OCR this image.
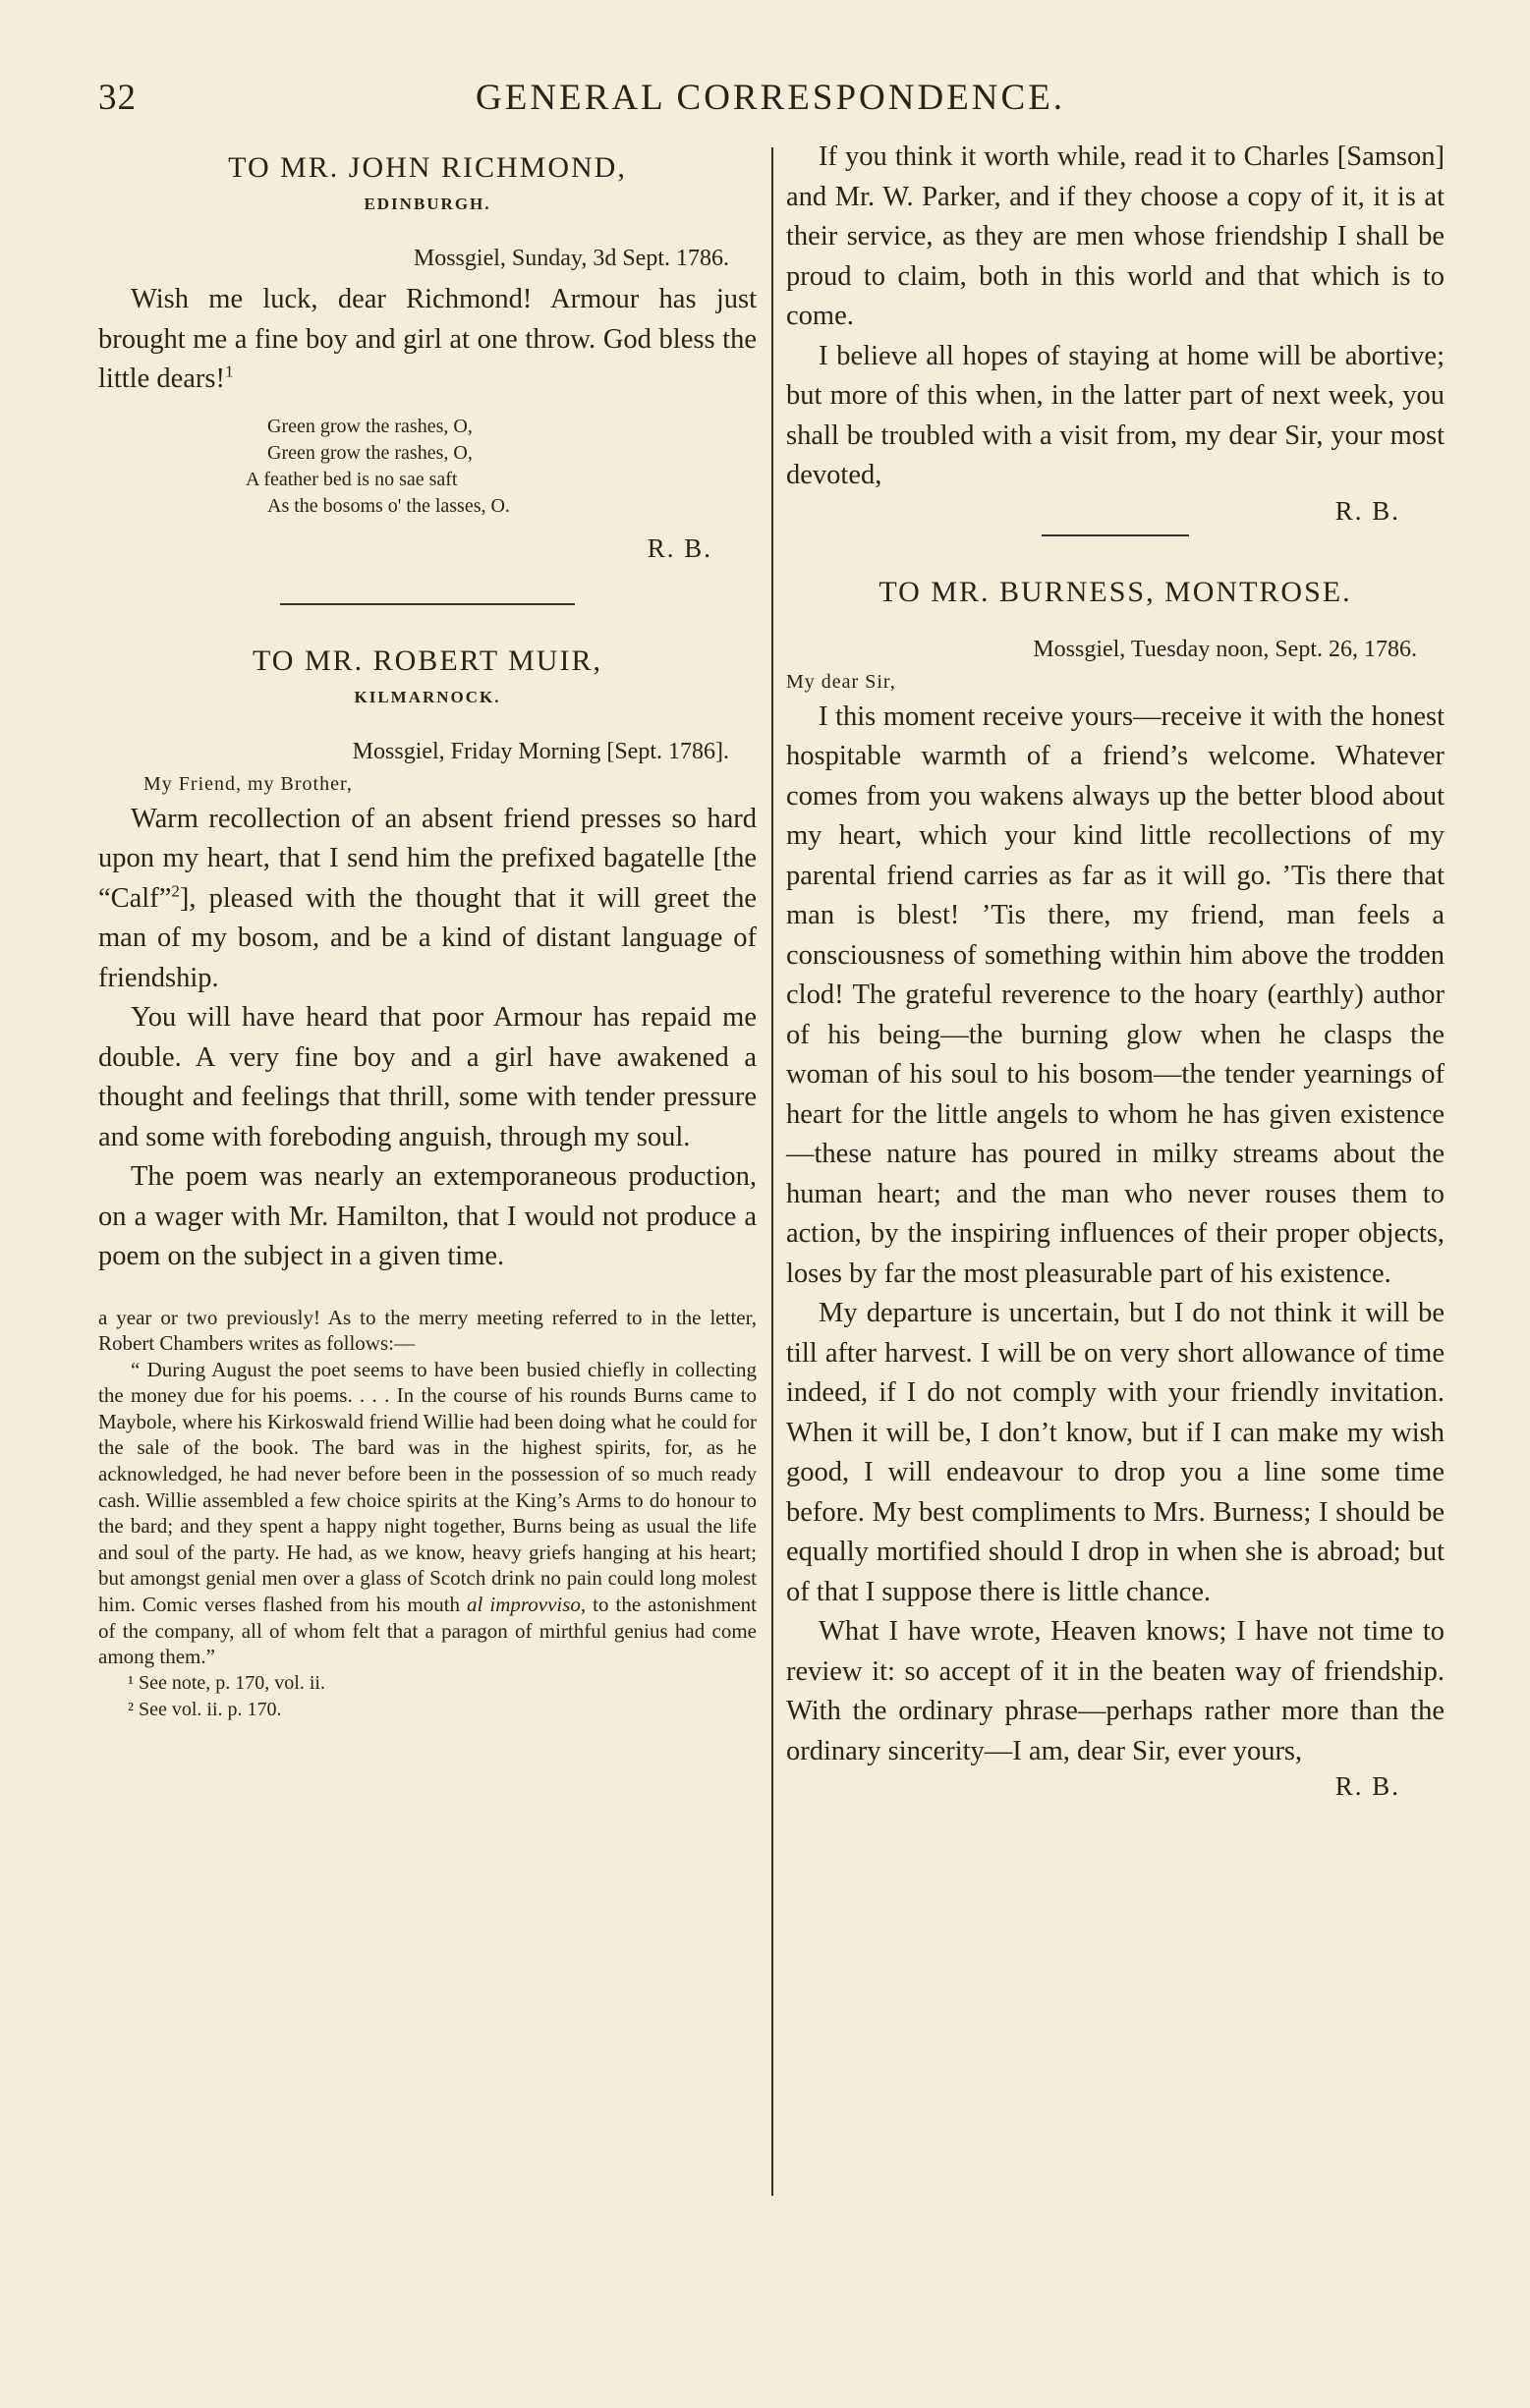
32	GENERAL CORRESPONDENCE.

TO MR. JOHN RICHMOND,

EDINBURGH.

Mossgiel, Sunday, 3d Sept. 1786.

Wish me luck, dear Richmond! Armour has just brought me a fine boy and girl at one throw. God bless the little dears!$^1$

Green grow the rashes, O,
Green grow the rashes, O,
A feather bed is no sae saft
As the bosoms o' the lasses, O.

R. B.

TO MR. ROBERT MUIR,

KILMARNOCK.

Mossgiel, Friday Morning [Sept. 1786].

My Friend, my Brother,

Warm recollection of an absent friend presses so hard upon my heart, that I send him the prefixed bagatelle [the “Calf”$^2$], pleased with the thought that it will greet the man of my bosom, and be a kind of distant language of friendship.

You will have heard that poor Armour has repaid me double. A very fine boy and a girl have awakened a thought and feelings that thrill, some with tender pressure and some with foreboding anguish, through my soul.

The poem was nearly an extemporaneous production, on a wager with Mr. Hamilton, that I would not produce a poem on the subject in a given time.

a year or two previously! As to the merry meeting referred to in the letter, Robert Chambers writes as follows:—

“ During August the poet seems to have been busied chiefly in collecting the money due for his poems. . . . In the course of his rounds Burns came to Maybole, where his Kirkoswald friend Willie had been doing what he could for the sale of the book. The bard was in the highest spirits, for, as he acknowledged, he had never before been in the possession of so much ready cash. Willie assembled a few choice spirits at the King’s Arms to do honour to the bard; and they spent a happy night together, Burns being as usual the life and soul of the party. He had, as we know, heavy griefs hanging at his heart; but amongst genial men over a glass of Scotch drink no pain could long molest him. Comic verses flashed from his mouth al improvviso, to the astonishment of the company, all of whom felt that a paragon of mirthful genius had come among them.”

¹ See note, p. 170, vol. ii.

² See vol. ii. p. 170.

If you think it worth while, read it to Charles [Samson] and Mr. W. Parker, and if they choose a copy of it, it is at their service, as they are men whose friendship I shall be proud to claim, both in this world and that which is to come.

I believe all hopes of staying at home will be abortive; but more of this when, in the latter part of next week, you shall be troubled with a visit from, my dear Sir, your most devoted,

R. B.

TO MR. BURNESS, MONTROSE.

Mossgiel, Tuesday noon, Sept. 26, 1786.

My dear Sir,

I this moment receive yours—receive it with the honest hospitable warmth of a friend’s welcome. Whatever comes from you wakens always up the better blood about my heart, which your kind little recollections of my parental friend carries as far as it will go. ’Tis there that man is blest! ’Tis there, my friend, man feels a consciousness of something within him above the trodden clod! The grateful reverence to the hoary (earthly) author of his being—the burning glow when he clasps the woman of his soul to his bosom—the tender yearnings of heart for the little angels to whom he has given existence—these nature has poured in milky streams about the human heart; and the man who never rouses them to action, by the inspiring influences of their proper objects, loses by far the most pleasurable part of his existence.

My departure is uncertain, but I do not think it will be till after harvest. I will be on very short allowance of time indeed, if I do not comply with your friendly invitation. When it will be, I don’t know, but if I can make my wish good, I will endeavour to drop you a line some time before. My best compliments to Mrs. Burness; I should be equally mortified should I drop in when she is abroad; but of that I suppose there is little chance.

What I have wrote, Heaven knows; I have not time to review it: so accept of it in the beaten way of friendship. With the ordinary phrase—perhaps rather more than the ordinary sincerity—I am, dear Sir, ever yours,

R. B.
